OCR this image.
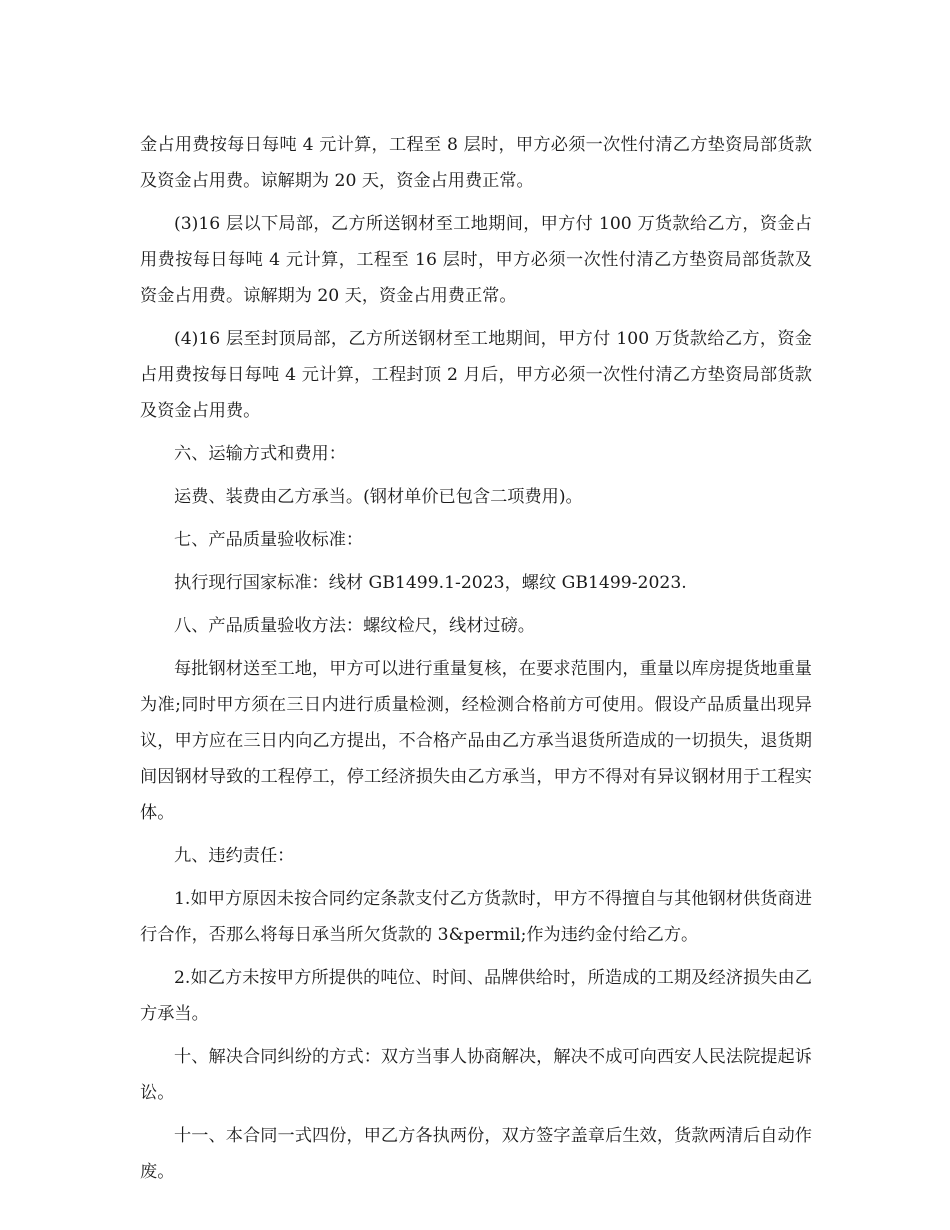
金占用费按每日每吨 4 元计算，工程至 8 层时，甲方必须一次性付清乙方垫资局部货款及资金占用费。谅解期为 20 天，资金占用费正常。

(3)16 层以下局部，乙方所送钢材至工地期间，甲方付 100 万货款给乙方，资金占用费按每日每吨 4 元计算，工程至 16 层时，甲方必须一次性付清乙方垫资局部货款及资金占用费。谅解期为 20 天，资金占用费正常。

(4)16 层至封顶局部，乙方所送钢材至工地期间，甲方付 100 万货款给乙方，资金占用费按每日每吨 4 元计算，工程封顶 2 月后，甲方必须一次性付清乙方垫资局部货款及资金占用费。

六、运输方式和费用：

运费、装费由乙方承当。(钢材单价已包含二项费用)。

七、产品质量验收标准：

执行现行国家标准：线材 GB1499.1-2023，螺纹 GB1499-2023.

八、产品质量验收方法：螺纹检尺，线材过磅。

每批钢材送至工地，甲方可以进行重量复核，在要求范围内，重量以库房提货地重量为准;同时甲方须在三日内进行质量检测，经检测合格前方可使用。假设产品质量出现异议，甲方应在三日内向乙方提出，不合格产品由乙方承当退货所造成的一切损失，退货期间因钢材导致的工程停工，停工经济损失由乙方承当，甲方不得对有异议钢材用于工程实体。

九、违约责任：

1.如甲方原因未按合同约定条款支付乙方货款时，甲方不得擅自与其他钢材供货商进行合作，否那么将每日承当所欠货款的 3&permil;作为违约金付给乙方。

2.如乙方未按甲方所提供的吨位、时间、品牌供给时，所造成的工期及经济损失由乙方承当。

十、解决合同纠纷的方式：双方当事人协商解决，解决不成可向西安人民法院提起诉讼。

十一、本合同一式四份，甲乙方各执两份，双方签字盖章后生效，货款两清后自动作废。
